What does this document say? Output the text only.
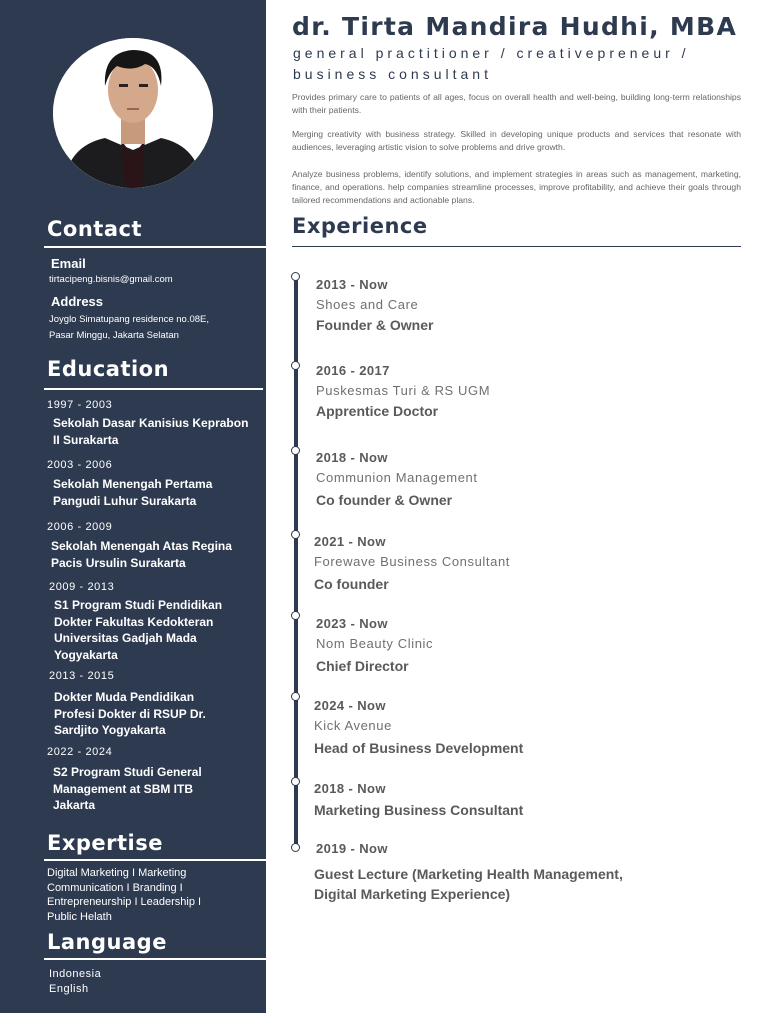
Contact
Email
tirtacipeng.bisnis@gmail.com
Address
Joyglo Simatupang residence no.08E,
Pasar Minggu, Jakarta Selatan
Education
1997 - 2003
Sekolah Dasar Kanisius Keprabon II Surakarta
2003 - 2006
Sekolah Menengah Pertama Pangudi Luhur Surakarta
2006 - 2009
Sekolah Menengah Atas Regina Pacis Ursulin Surakarta
2009 - 2013
S1 Program Studi Pendidikan Dokter Fakultas Kedokteran Universitas Gadjah Mada Yogyakarta
2013 - 2015
Dokter Muda Pendidikan Profesi Dokter di RSUP Dr. Sardjito Yogyakarta
2022 - 2024
S2 Program Studi General Management at SBM ITB Jakarta
Expertise
Digital Marketing I Marketing Communication I Branding I Entrepreneurship I Leadership I Public Helath
Language
Indonesia
English
dr. Tirta Mandira Hudhi, MBA
general practitioner / creativepreneur / business consultant
Provides primary care to patients of all ages, focus on overall health and well-being, building long-term relationships with their patients.
Merging creativity with business strategy. Skilled in developing unique products and services that resonate with audiences, leveraging artistic vision to solve problems and drive growth.
Analyze business problems, identify solutions, and implement strategies in areas such as management, marketing, finance, and operations. help companies streamline processes, improve profitability, and achieve their goals through tailored recommendations and actionable plans.
Experience
2013 - Now
Shoes and Care
Founder & Owner
2016 - 2017
Puskesmas Turi & RS UGM
Apprentice Doctor
2018 - Now
Communion Management
Co founder & Owner
2021 - Now
Forewave Business Consultant
Co founder
2023 - Now
Nom Beauty Clinic
Chief Director
2024 - Now
Kick Avenue
Head of Business Development
2018 - Now
Marketing Business Consultant
2019 - Now
Guest Lecture (Marketing Health Management, Digital Marketing Experience)
